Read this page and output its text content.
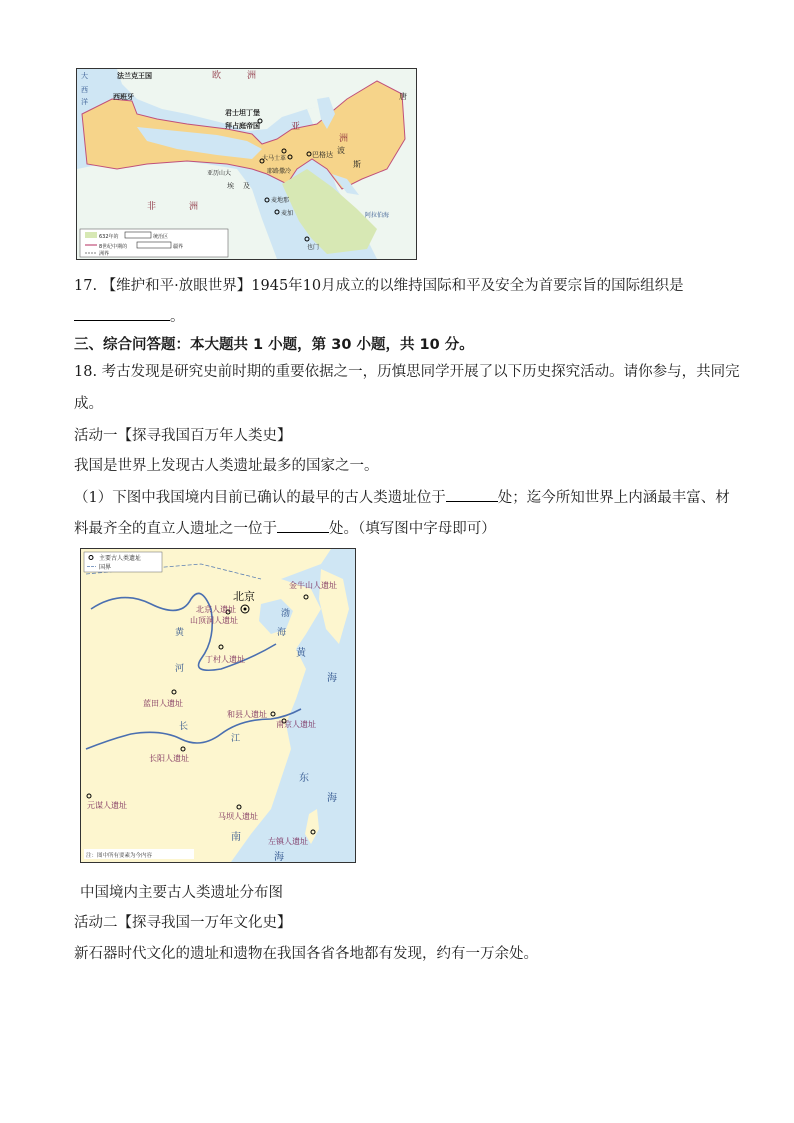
大
西
洋
法兰克王国	欧	洲
西班牙
君士坦丁堡
拜占庭帝国	亚
洲
波
斯
唐
大马士革	巴格达
耶路撒冷
亚历山大
埃 及
麦地那
麦加
非	洲
阿拉伯海
也门
632年的	统治区
8世纪中期的	疆界
洲界
17. 【维护和平·放眼世界】1945年10月成立的以维持国际和平及安全为首要宗旨的国际组织是
。
三、综合问答题：本大题共 1 小题，第 30 小题，共 10 分。
18. 考古发现是研究史前时期的重要依据之一，历慎思同学开展了以下历史探究活动。请你参与，共同完
成。
活动一【探寻我国百万年人类史】
我国是世界上发现古人类遗址最多的国家之一。
（1）下图中我国境内目前已确认的最早的古人类遗址位于	处；迄今所知世界上内涵最丰富、材
料最齐全的直立人遗址之一位于	处。（填写图中字母即可）
主要古人类遗址
国界
北京
金牛山人遗址
北京人遗址
山顶洞人遗址
渤
海
黄
河
丁村人遗址
黄
海
蓝田人遗址
和县人遗址
南京人遗址
长
江
长阳人遗址
东
海
元谋人遗址
马坝人遗址
左镇人遗址
南
海
注：图中所有要素为今内容
中国境内主要古人类遗址分布图
活动二【探寻我国一万年文化史】
新石器时代文化的遗址和遗物在我国各省各地都有发现，约有一万余处。
